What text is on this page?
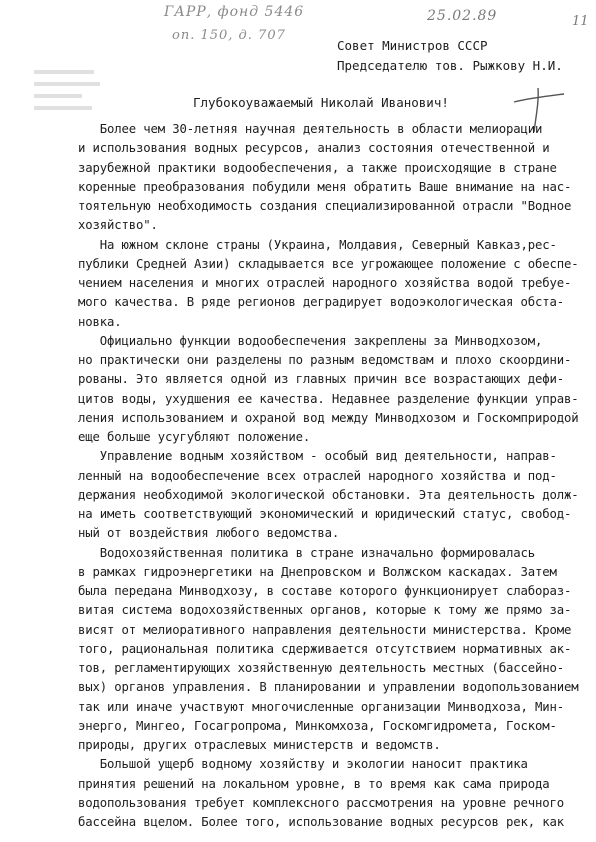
ГАРР, фонд 5446
оп. 150, д. 707
25.02.89	11
Совет Министров СССР
Председателю тов. Рыжкову Н.И.
Глубокоуважаемый Николай Иванович!
Более чем 30-летняя научная деятельность в области мелиорации
и использования водных ресурсов, анализ состояния отечественной и
зарубежной практики водообеспечения, а также происходящие в стране
коренные преобразования побудили меня обратить Ваше внимание на нас-
тоятельную необходимость создания специализированной отрасли "Водное
хозяйство".
На южном склоне страны (Украина, Молдавия, Северный Кавказ,рес-
публики Средней Азии) складывается все угрожающее положение с обеспе-
чением населения и многих отраслей народного хозяйства водой требуе-
мого качества. В ряде регионов деградирует водоэкологическая обста-
новка.
Официально функции водообеспечения закреплены за Минводхозом,
но практически они разделены по разным ведомствам и плохо скоордини-
рованы. Это является одной из главных причин все возрастающих дефи-
цитов воды, ухудшения ее качества. Недавнее разделение функции управ-
ления использованием и охраной вод между Минводхозом и Госкомприродой
еще больше усугубляют положение.
Управление водным хозяйством - особый вид деятельности, направ-
ленный на водообеспечение всех отраслей народного хозяйства и под-
держания необходимой экологической обстановки. Эта деятельность долж-
на иметь соответствующий экономический и юридический статус, свобод-
ный от воздействия любого ведомства.
Водохозяйственная политика в стране изначально формировалась
в рамках гидроэнергетики на Днепровском и Волжском каскадах. Затем
была передана Минводхозу, в составе которого функционирует слаборaз-
витая система водохозяйственных органов, которые к тому же прямо за-
висят от мелиоративного направления деятельности министерства. Кроме
того, рациональная политика сдерживается отсутствием нормативных ак-
тов, регламентирующих хозяйственную деятельность местных (бассейно-
вых) органов управления. В планировании и управлении водопользованием
так или иначе участвуют многочисленные организации Минводхоза, Мин-
энерго, Мингео, Госагропрома, Минкомхоза, Госкомгидромета, Госком-
природы, других отраслевых министерств и ведомств.
Большой ущерб водному хозяйству и экологии наносит практика
принятия решений на локальном уровне, в то время как сама природа
водопользования требует комплексного рассмотрения на уровне речного
бассейна вцелом. Более того, использование водных ресурсов рек, как
